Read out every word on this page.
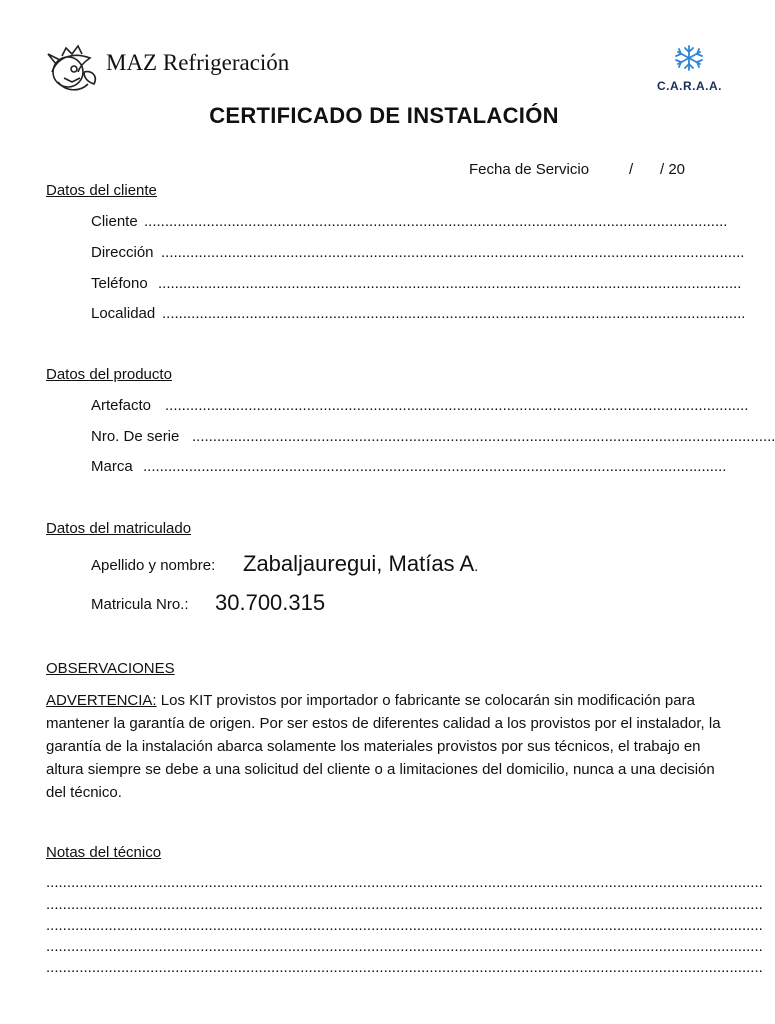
MAZ Refrigeración
C.A.R.A.A.
CERTIFICADO DE INSTALACIÓN
Fecha de Servicio	/ / 20
Datos del cliente
Cliente ............................................................................................................................................
Dirección ............................................................................................................................................
Teléfono ............................................................................................................................................
Localidad ............................................................................................................................................
Datos del producto
Artefacto ............................................................................................................................................
Nro. De serie ............................................................................................................................................
Marca ............................................................................................................................................
Datos del matriculado
Apellido y nombre: Zabaljauregui, Matías A.
Matricula Nro.: 30.700.315
OBSERVACIONES
ADVERTENCIA: Los KIT provistos por importador o fabricante se colocarán sin modificación para mantener la garantía de origen. Por ser estos de diferentes calidad a los provistos por el instalador, la garantía de la instalación abarca solamente los materiales provistos por sus técnicos, el trabajo en altura siempre se debe a una solicitud del cliente o a limitaciones del domicilio, nunca a una decisión del técnico.
Notas del técnico
............................................................................................................................................................................
............................................................................................................................................................................
............................................................................................................................................................................
............................................................................................................................................................................
............................................................................................................................................................................
